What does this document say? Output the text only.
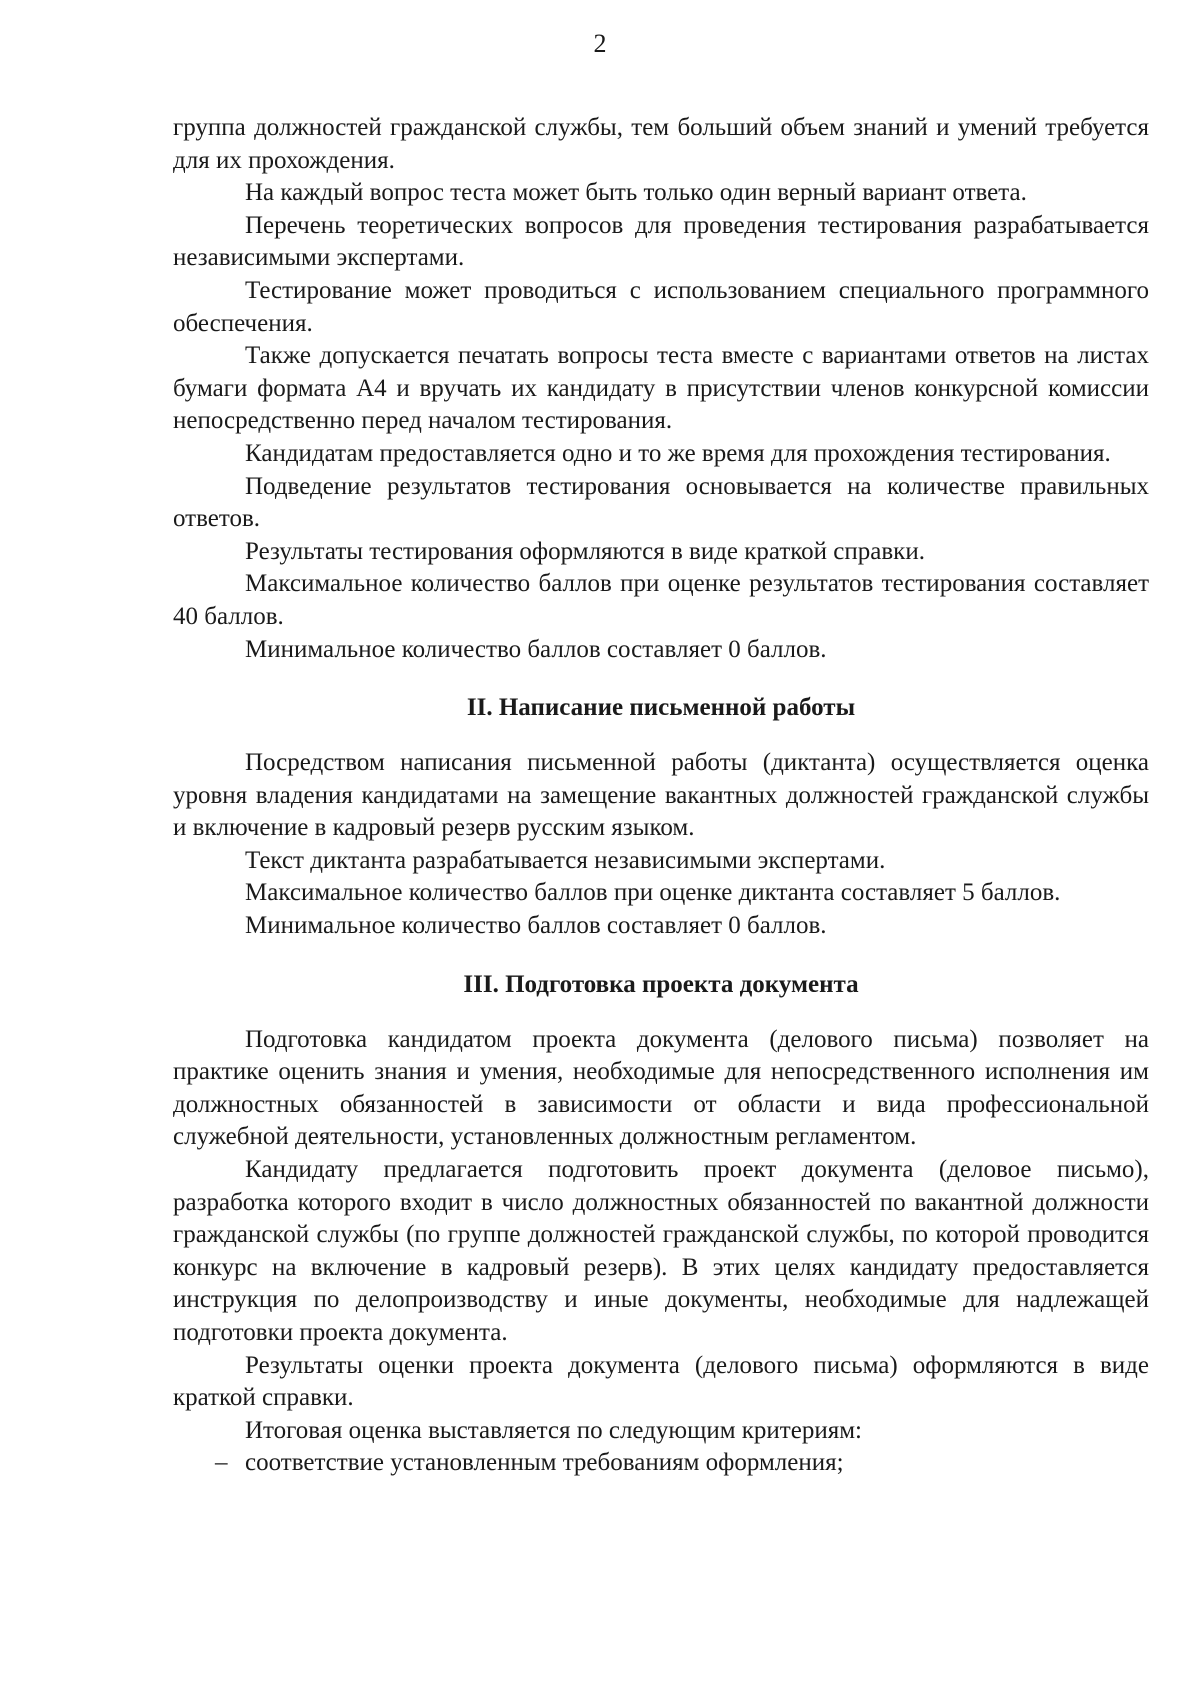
2

группа должностей гражданской службы, тем больший объем знаний и умений требуется для их прохождения.

На каждый вопрос теста может быть только один верный вариант ответа.

Перечень теоретических вопросов для проведения тестирования разрабатывается независимыми экспертами.

Тестирование может проводиться с использованием специального программного обеспечения.

Также допускается печатать вопросы теста вместе с вариантами ответов на листах бумаги формата А4 и вручать их кандидату в присутствии членов конкурсной комиссии непосредственно перед началом тестирования.

Кандидатам предоставляется одно и то же время для прохождения тестирования.

Подведение результатов тестирования основывается на количестве правильных ответов.

Результаты тестирования оформляются в виде краткой справки.

Максимальное количество баллов при оценке результатов тестирования составляет 40 баллов.

Минимальное количество баллов составляет 0 баллов.

II. Написание письменной работы

Посредством написания письменной работы (диктанта) осуществляется оценка уровня владения кандидатами на замещение вакантных должностей гражданской службы и включение в кадровый резерв русским языком.

Текст диктанта разрабатывается независимыми экспертами.

Максимальное количество баллов при оценке диктанта составляет 5 баллов.

Минимальное количество баллов составляет 0 баллов.

III. Подготовка проекта документа

Подготовка кандидатом проекта документа (делового письма) позволяет на практике оценить знания и умения, необходимые для непосредственного исполнения им должностных обязанностей в зависимости от области и вида профессиональной служебной деятельности, установленных должностным регламентом.

Кандидату предлагается подготовить проект документа (деловое письмо), разработка которого входит в число должностных обязанностей по вакантной должности гражданской службы (по группе должностей гражданской службы, по которой проводится конкурс на включение в кадровый резерв). В этих целях кандидату предоставляется инструкция по делопроизводству и иные документы, необходимые для надлежащей подготовки проекта документа.

Результаты оценки проекта документа (делового письма) оформляются в виде краткой справки.

Итоговая оценка выставляется по следующим критериям:

– соответствие установленным требованиям оформления;
